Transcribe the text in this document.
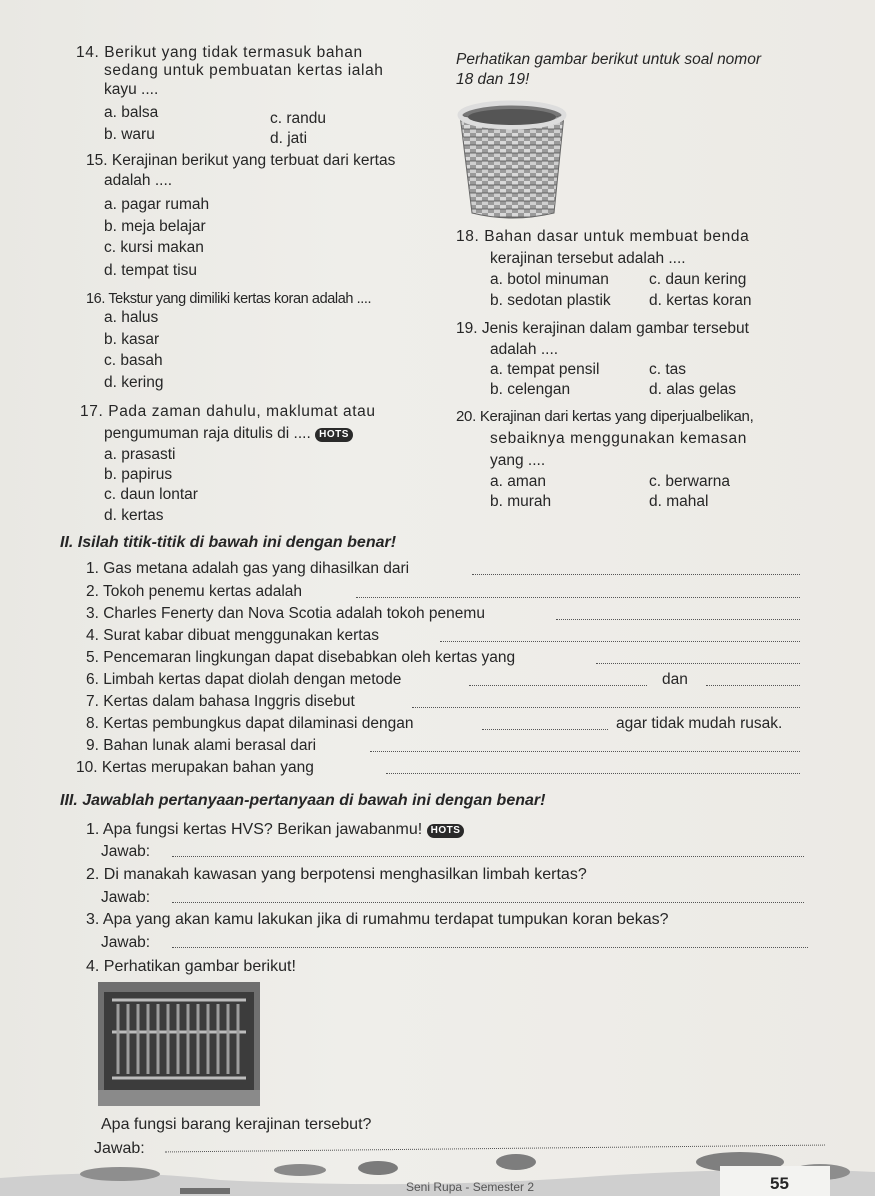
14. Berikut yang tidak termasuk bahan
sedang untuk pembuatan kertas ialah
kayu ....
a. balsa	c. randu
b. waru	d. jati
15. Kerajinan berikut yang terbuat dari kertas
adalah ....
a. pagar rumah
b. meja belajar
c. kursi makan
d. tempat tisu
16. Tekstur yang dimiliki kertas koran adalah ....
a. halus
b. kasar
c. basah
d. kering
17. Pada zaman dahulu, maklumat atau
pengumuman raja ditulis di .... HOTS
a. prasasti
b. papirus
c. daun lontar
d. kertas
Perhatikan gambar berikut untuk soal nomor
18 dan 19!
18. Bahan dasar untuk membuat benda
kerajinan tersebut adalah ....
a. botol minuman	c. daun kering
b. sedotan plastik d. kertas koran
19. Jenis kerajinan dalam gambar tersebut
adalah ....
a. tempat pensil	c. tas
b. celengan	d. alas gelas
20. Kerajinan dari kertas yang diperjualbelikan,
sebaiknya menggunakan kemasan
yang ....
a. aman	c. berwarna
b. murah	d. mahal
II. Isilah titik-titik di bawah ini dengan benar!
1. Gas metana adalah gas yang dihasilkan dari
2. Tokoh penemu kertas adalah
3. Charles Fenerty dan Nova Scotia adalah tokoh penemu
4. Surat kabar dibuat menggunakan kertas
5. Pencemaran lingkungan dapat disebabkan oleh kertas yang
6. Limbah kertas dapat diolah dengan metode	dan
7. Kertas dalam bahasa Inggris disebut
8. Kertas pembungkus dapat dilaminasi dengan	agar tidak mudah rusak.
9. Bahan lunak alami berasal dari
10. Kertas merupakan bahan yang
III. Jawablah pertanyaan-pertanyaan di bawah ini dengan benar!
1. Apa fungsi kertas HVS? Berikan jawabanmu! HOTS
Jawab:
2. Di manakah kawasan yang berpotensi menghasilkan limbah kertas?
Jawab:
3. Apa yang akan kamu lakukan jika di rumahmu terdapat tumpukan koran bekas?
Jawab:
4. Perhatikan gambar berikut!
Apa fungsi barang kerajinan tersebut?
Jawab:
Seni Rupa - Semester 2	55
